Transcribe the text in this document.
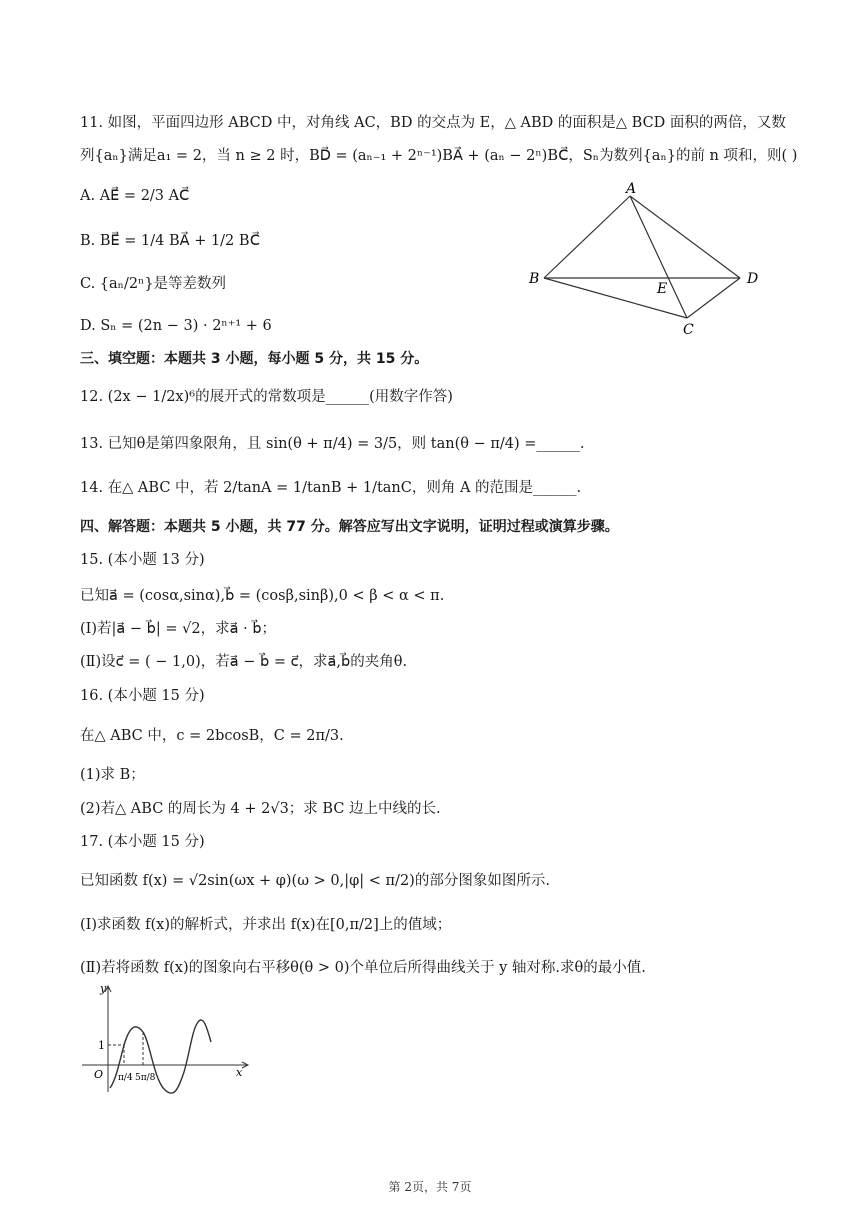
11. 如图，平面四边形 ABCD 中，对角线 AC，BD 的交点为 E，△ ABD 的面积是△ BCD 面积的两倍，又数
列{aₙ}满足a₁ = 2，当 n ≥ 2 时，BD⃗ = (aₙ₋₁ + 2ⁿ⁻¹)BA⃗ + (aₙ − 2ⁿ)BC⃗，Sₙ为数列{aₙ}的前 n 项和，则( )
A. AE⃗ = 2/3 AC⃗
B. BE⃗ = 1/4 BA⃗ + 1/2 BC⃗
C. {aₙ/2ⁿ}是等差数列
D. Sₙ = (2n − 3) · 2ⁿ⁺¹ + 6
A
B	D
E
C
三、填空题：本题共 3 小题，每小题 5 分，共 15 分。
12. (2x − 1/2x)⁶的展开式的常数项是______(用数字作答)
13. 已知θ是第四象限角，且 sin(θ + π/4) = 3/5，则 tan(θ − π/4) =______.
14. 在△ ABC 中，若 2/tanA = 1/tanB + 1/tanC，则角 A 的范围是______.
四、解答题：本题共 5 小题，共 77 分。解答应写出文字说明，证明过程或演算步骤。
15. (本小题 13 分)
已知a⃗ = (cosα,sinα),b⃗ = (cosβ,sinβ),0 < β < α < π.
(Ⅰ)若|a⃗ − b⃗| = √2，求a⃗ · b⃗；
(Ⅱ)设c⃗ = ( − 1,0)，若a⃗ − b⃗ = c⃗，求a⃗,b⃗的夹角θ.
16. (本小题 15 分)
在△ ABC 中，c = 2bcosB，C = 2π/3.
(1)求 B；
(2)若△ ABC 的周长为 4 + 2√3；求 BC 边上中线的长.
17. (本小题 15 分)
已知函数 f(x) = √2sin(ωx + φ)(ω > 0,|φ| < π/2)的部分图象如图所示.
(Ⅰ)求函数 f(x)的解析式，并求出 f(x)在[0,π/2]上的值域；
(Ⅱ)若将函数 f(x)的图象向右平移θ(θ > 0)个单位后所得曲线关于 y 轴对称.求θ的最小值.
y
x
O
1
π/4 5π/8
第 2页，共 7页
